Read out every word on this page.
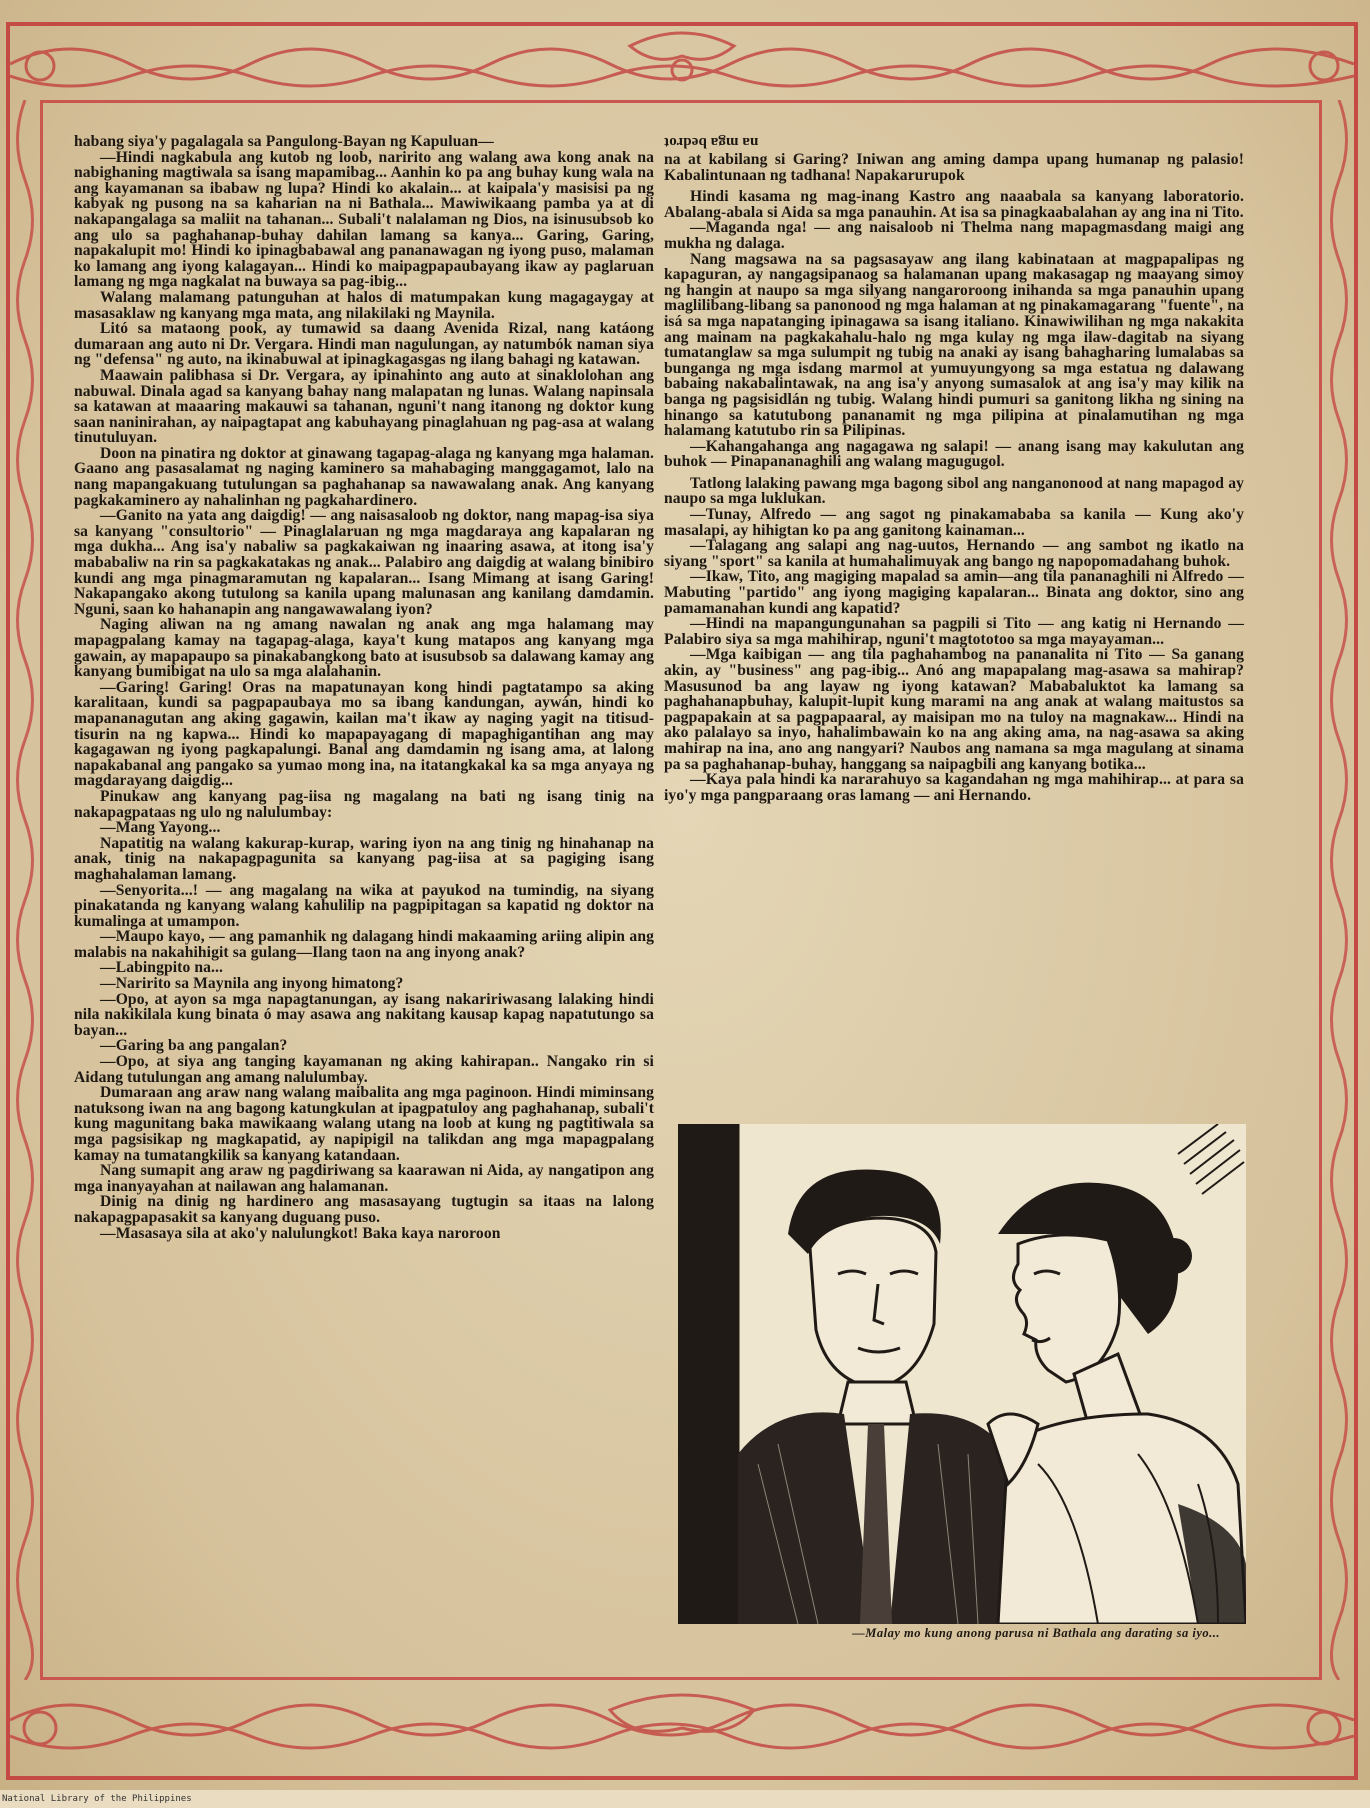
habang siya'y pagalagala sa Pangulong-Bayan ng Kapuluan—

—Hindi nagkabula ang kutob ng loob, naririto ang walang awa kong anak na nabighaning magtiwala sa isang mapamibag... Aanhin ko pa ang buhay kung wala na ang kayamanan sa ibabaw ng lupa? Hindi ko akalain... at kaipala'y masisisi pa ng kabyak ng pusong na sa kaharian na ni Bathala... Mawiwikaang pamba ya at di nakapangalaga sa maliit na tahanan... Subali't nalalaman ng Dios, na isinusubsob ko ang ulo sa paghahanap-buhay dahilan lamang sa kanya... Garing, Garing, napakalupit mo! Hindi ko ipinagbabawal ang pananawagan ng iyong puso, malaman ko lamang ang iyong kalagayan... Hindi ko maipagpapaubayang ikaw ay paglaruan lamang ng mga nagkalat na buwaya sa pag-ibig...

Walang malamang patunguhan at halos di matumpakan kung magagaygay at masasaklaw ng kanyang mga mata, ang nilakilaki ng Maynila.

Litó sa mataong pook, ay tumawid sa daang Avenida Rizal, nang katáong dumaraan ang auto ni Dr. Vergara. Hindi man nagulungan, ay natumbók naman siya ng "defensa" ng auto, na ikinabuwal at ipinagkagasgas ng ilang bahagi ng katawan.

Maawain palibhasa si Dr. Vergara, ay ipinahinto ang auto at sinaklolohan ang nabuwal. Dinala agad sa kanyang bahay nang malapatan ng lunas. Walang napinsala sa katawan at maaaring makauwi sa tahanan, nguni't nang itanong ng doktor kung saan naninirahan, ay naipagtapat ang kabuhayang pinaglahuan ng pag-asa at walang tinutuluyan.

Doon na pinatira ng doktor at ginawang tagapag-alaga ng kanyang mga halaman. Gaano ang pasasalamat ng naging kaminero sa mahabaging manggagamot, lalo na nang mapangakuang tutulungan sa paghahanap sa nawawalang anak. Ang kanyang pagkakaminero ay nahalinhan ng pagkahardinero.

—Ganito na yata ang daigdig! — ang naisasaloob ng doktor, nang mapag-isa siya sa kanyang "consultorio" — Pinaglalaruan ng mga magdaraya ang kapalaran ng mga dukha... Ang isa'y nabaliw sa pagkakaiwan ng inaaring asawa, at itong isa'y mababaliw na rin sa pagkakatakas ng anak... Palabiro ang daigdig at walang binibiro kundi ang mga pinagmaramutan ng kapalaran... Isang Mimang at isang Garing! Nakapangako akong tutulong sa kanila upang malunasan ang kanilang damdamin. Nguni, saan ko hahanapin ang nangawawalang iyon?

Naging aliwan na ng amang nawalan ng anak ang mga halamang may mapagpalang kamay na tagapag-alaga, kaya't kung matapos ang kanyang mga gawain, ay mapapaupo sa pinakabangkong bato at isusubsob sa dalawang kamay ang kanyang bumibigat na ulo sa mga alalahanin.

—Garing! Garing! Oras na mapatunayan kong hindi pagtatampo sa aking karalitaan, kundi sa pagpapaubaya mo sa ibang kandungan, aywán, hindi ko mapananagutan ang aking gagawin, kailan ma't ikaw ay naging yagit na titisud-tisurin na ng kapwa... Hindi ko mapapayagang di mapaghigantihan ang may kagagawan ng iyong pagkapalungi. Banal ang damdamin ng isang ama, at lalong napakabanal ang pangako sa yumao mong ina, na itatangkakal ka sa mga anyaya ng magdarayang daigdig...

Pinukaw ang kanyang pag-iisa ng magalang na bati ng isang tinig na nakapagpataas ng ulo ng nalulumbay:

—Mang Yayong...

Napatitig na walang kakurap-kurap, waring iyon na ang tinig ng hinahanap na anak, tinig na nakapagpagunita sa kanyang pag-iisa at sa pagiging isang maghahalaman lamang.

—Senyorita...! — ang magalang na wika at payukod na tumindig, na siyang pinakatanda ng kanyang walang kahulilip na pagpipitagan sa kapatid ng doktor na kumalinga at umampon.

—Maupo kayo, — ang pamanhik ng dalagang hindi makaaming ariing alipin ang malabis na nakahihigit sa gulang—Ilang taon na ang inyong anak?

—Labingpito na...

—Naririto sa Maynila ang inyong himatong?

—Opo, at ayon sa mga napagtanungan, ay isang nakaririwasang lalaking hindi nila nakikilala kung binata ó may asawa ang nakitang kausap kapag napatutungo sa bayan...

—Garing ba ang pangalan?

—Opo, at siya ang tanging kayamanan ng aking kahirapan.. Nangako rin si Aidang tutulungan ang amang nalulumbay.

Dumaraan ang araw nang walang maibalita ang mga paginoon. Hindi miminsang natuksong iwan na ang bagong katungkulan at ipagpatuloy ang paghahanap, subali't kung magunitang baka mawikaang walang utang na loob at kung ng pagtitiwala sa mga pagsisikap ng magkapatid, ay napipigil na talikdan ang mga mapagpalang kamay na tumatangkilik sa kanyang katandaan.

Nang sumapit ang araw ng pagdiriwang sa kaarawan ni Aida, ay nangatipon ang mga inanyayahan at nailawan ang halamanan.

Dinig na dinig ng hardinero ang masasayang tugtugin sa itaas na lalong nakapagpapasakit sa kanyang duguang puso.

—Masasaya sila at ako'y nalulungkot! Baka kaya naroroon

na mga bedrot

na at kabilang si Garing? Iniwan ang aming dampa upang humanap ng palasio! Kabalintunaan ng tadhana! Napakarurupok

Hindi kasama ng mag-inang Kastro ang naaabala sa kanyang laboratorio. Abalang-abala si Aida sa mga panauhin. At isa sa pinagkaabalahan ay ang ina ni Tito.

—Maganda nga! — ang naisaloob ni Thelma nang mapagmasdang maigi ang mukha ng dalaga.

Nang magsawa na sa pagsasayaw ang ilang kabinataan at magpapalipas ng kapaguran, ay nangagsipanaog sa halamanan upang makasagap ng maayang simoy ng hangin at naupo sa mga silyang nangaroroong inihanda sa mga panauhin upang maglilibang-libang sa panonood ng mga halaman at ng pinakamagarang "fuente", na isá sa mga napatanging ipinagawa sa isang italiano. Kinawiwilihan ng mga nakakita ang mainam na pagkakahalu-halo ng mga kulay ng mga ilaw-dagitab na siyang tumatanglaw sa mga sulumpit ng tubig na anaki ay isang bahagharing lumalabas sa bunganga ng mga isdang marmol at yumuyungyong sa mga estatua ng dalawang babaing nakabalintawak, na ang isa'y anyong sumasalok at ang isa'y may kilik na banga ng pagsisidlán ng tubig. Walang hindi pumuri sa ganitong likha ng sining na hinango sa katutubong pananamit ng mga pilipina at pinalamutihan ng mga halamang katutubo rin sa Pilipinas.

—Kahangahanga ang nagagawa ng salapi! — anang isang may kakulutan ang buhok — Pinapananaghili ang walang magugugol.

Tatlong lalaking pawang mga bagong sibol ang nanganonood at nang mapagod ay naupo sa mga luklukan.

—Tunay, Alfredo — ang sagot ng pinakamababa sa kanila — Kung ako'y masalapi, ay hihigtan ko pa ang ganitong kainaman...

—Talagang ang salapi ang nag-uutos, Hernando — ang sambot ng ikatlo na siyang "sport" sa kanila at humahalimuyak ang bango ng napopomadahang buhok.

—Ikaw, Tito, ang magiging mapalad sa amin—ang tila pananaghili ni Alfredo — Mabuting "partido" ang iyong magiging kapalaran... Binata ang doktor, sino ang pamamanahan kundi ang kapatid?

—Hindi na mapangungunahan sa pagpili si Tito — ang katig ni Hernando — Palabiro siya sa mga mahihirap, nguni't magtototoo sa mga mayayaman...

—Mga kaibigan — ang tila paghahambog na pananalita ni Tito — Sa ganang akin, ay "business" ang pag-ibig... Anó ang mapapalang mag-asawa sa mahirap? Masusunod ba ang layaw ng iyong katawan? Mababaluktot ka lamang sa paghahanapbuhay, kalupit-lupit kung marami na ang anak at walang maitustos sa pagpapakain at sa pagpapaaral, ay maisipan mo na tuloy na magnakaw... Hindi na ako palalayo sa inyo, hahalimbawain ko na ang aking ama, na nag-asawa sa aking mahirap na ina, ano ang nangyari? Naubos ang namana sa mga magulang at sinama pa sa paghahanap-buhay, hanggang sa naipagbili ang kanyang botika...

—Kaya pala hindi ka nararahuyo sa kagandahan ng mga mahihirap... at para sa iyo'y mga pangparaang oras lamang — ani Hernando.

—Malay mo kung anong parusa ni Bathala ang darating sa iyo...
National Library of the Philippines
